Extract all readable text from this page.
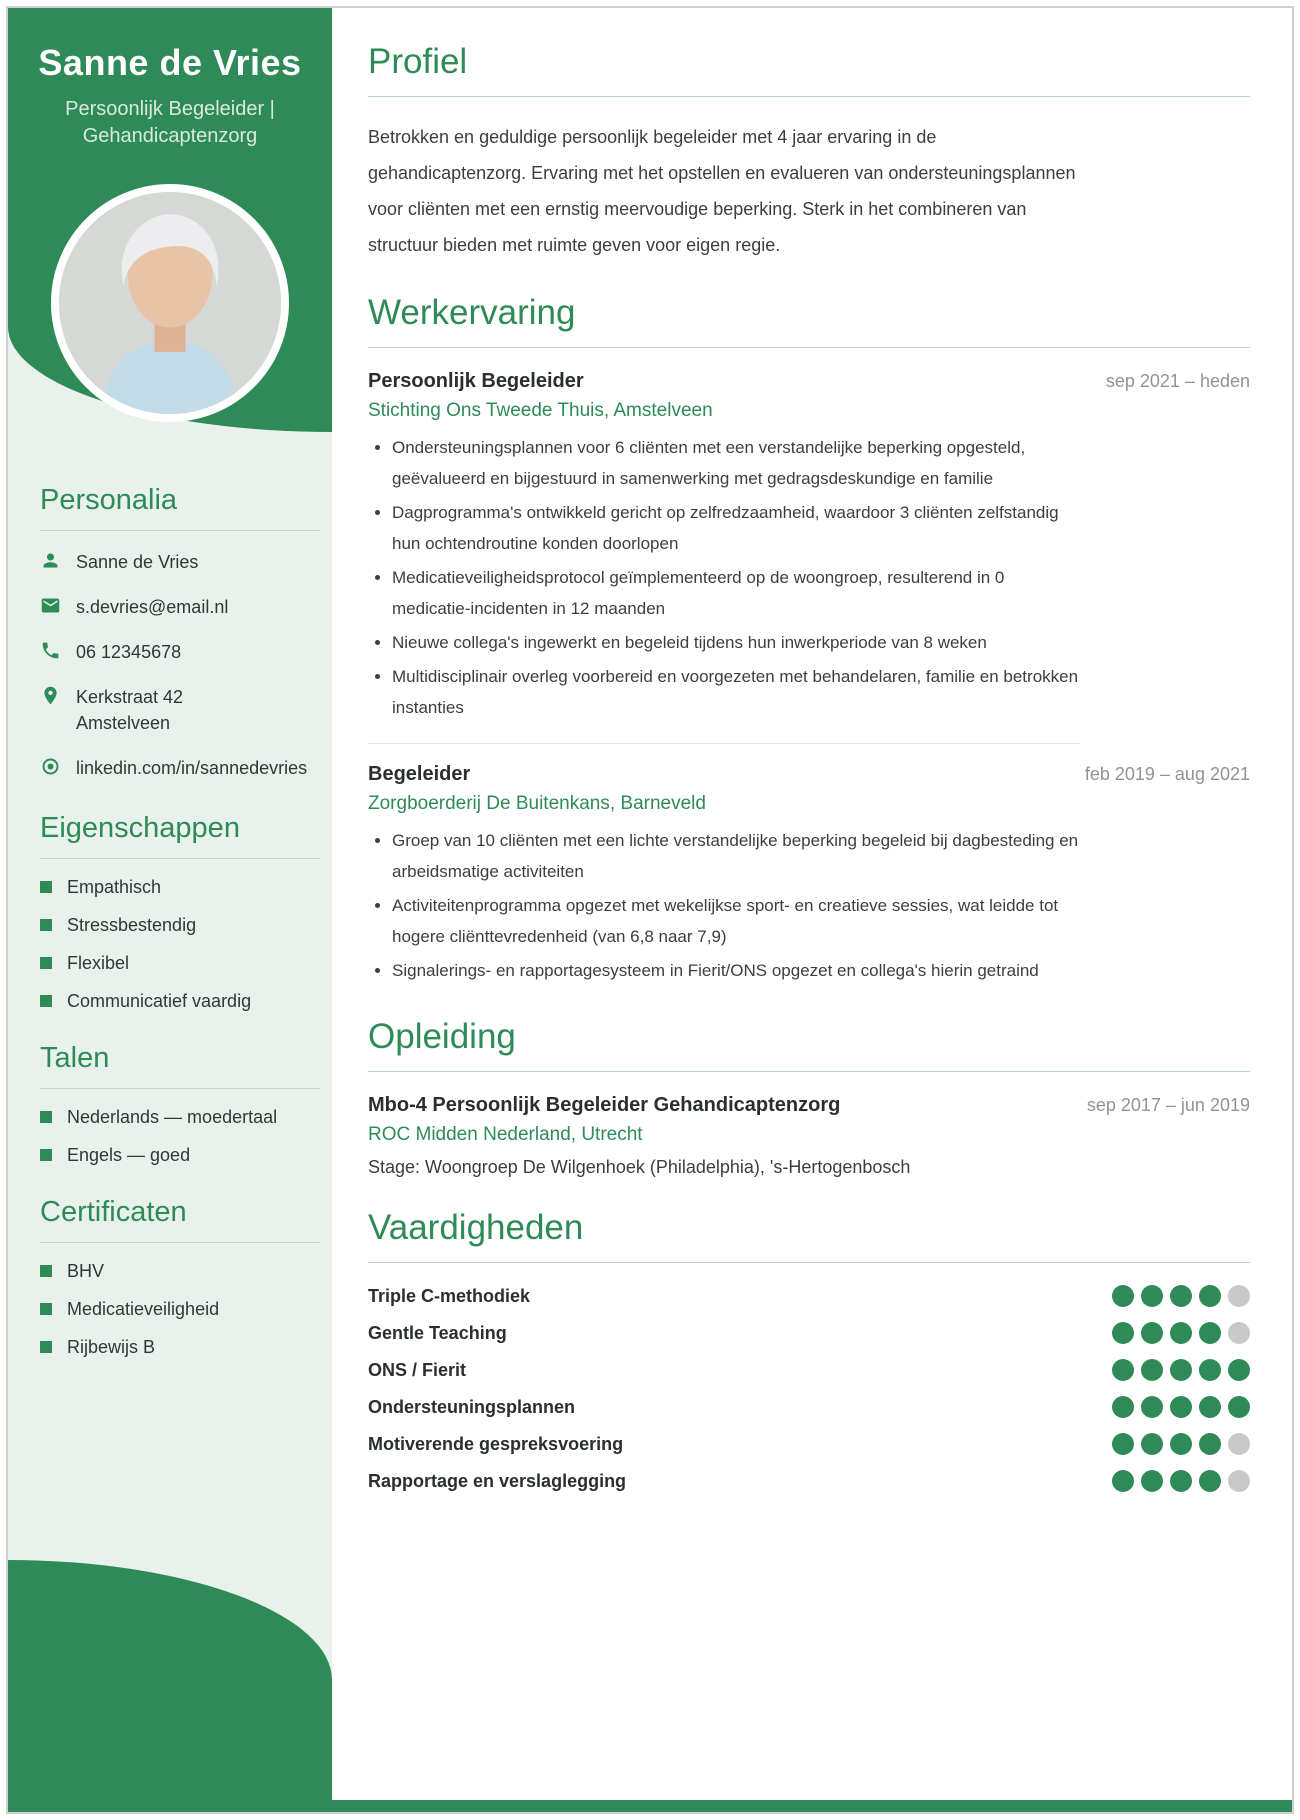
Sanne de Vries
Persoonlijk Begeleider | Gehandicaptenzorg
Personalia
Sanne de Vries
s.devries@email.nl
06 12345678
Kerkstraat 42
Amstelveen
linkedin.com/in/sannedevries
Eigenschappen
Empathisch
Stressbestendig
Flexibel
Communicatief vaardig
Talen
Nederlands — moedertaal
Engels — goed
Certificaten
BHV
Medicatieveiligheid
Rijbewijs B
Profiel

Betrokken en geduldige persoonlijk begeleider met 4 jaar ervaring in de gehandicaptenzorg. Ervaring met het opstellen en evalueren van ondersteuningsplannen voor cliënten met een ernstig meervoudige beperking. Sterk in het combineren van structuur bieden met ruimte geven voor eigen regie.

Werkervaring
Persoonlijk Begeleider	sep 2021 – heden
Stichting Ons Tweede Thuis, Amstelveen
• Ondersteuningsplannen voor 6 cliënten met een verstandelijke beperking opgesteld, geëvalueerd en bijgestuurd in samenwerking met gedragsdeskundige en familie
• Dagprogramma's ontwikkeld gericht op zelfredzaamheid, waardoor 3 cliënten zelfstandig hun ochtendroutine konden doorlopen
• Medicatieveiligheidsprotocol geïmplementeerd op de woongroep, resulterend in 0 medicatie-incidenten in 12 maanden
• Nieuwe collega's ingewerkt en begeleid tijdens hun inwerkperiode van 8 weken
• Multidisciplinair overleg voorbereid en voorgezeten met behandelaren, familie en betrokken instanties
Begeleider	feb 2019 – aug 2021
Zorgboerderij De Buitenkans, Barneveld
• Groep van 10 cliënten met een lichte verstandelijke beperking begeleid bij dagbesteding en arbeidsmatige activiteiten
• Activiteitenprogramma opgezet met wekelijkse sport- en creatieve sessies, wat leidde tot hogere cliënttevredenheid (van 6,8 naar 7,9)
• Signalerings- en rapportagesysteem in Fierit/ONS opgezet en collega's hierin getraind
Opleiding
Mbo-4 Persoonlijk Begeleider Gehandicaptenzorg	sep 2017 – jun 2019
ROC Midden Nederland, Utrecht
Stage: Woongroep De Wilgenhoek (Philadelphia), 's-Hertogenbosch
Vaardigheden
Triple C-methodiek
Gentle Teaching
ONS / Fierit
Ondersteuningsplannen
Motiverende gespreksvoering
Rapportage en verslaglegging
